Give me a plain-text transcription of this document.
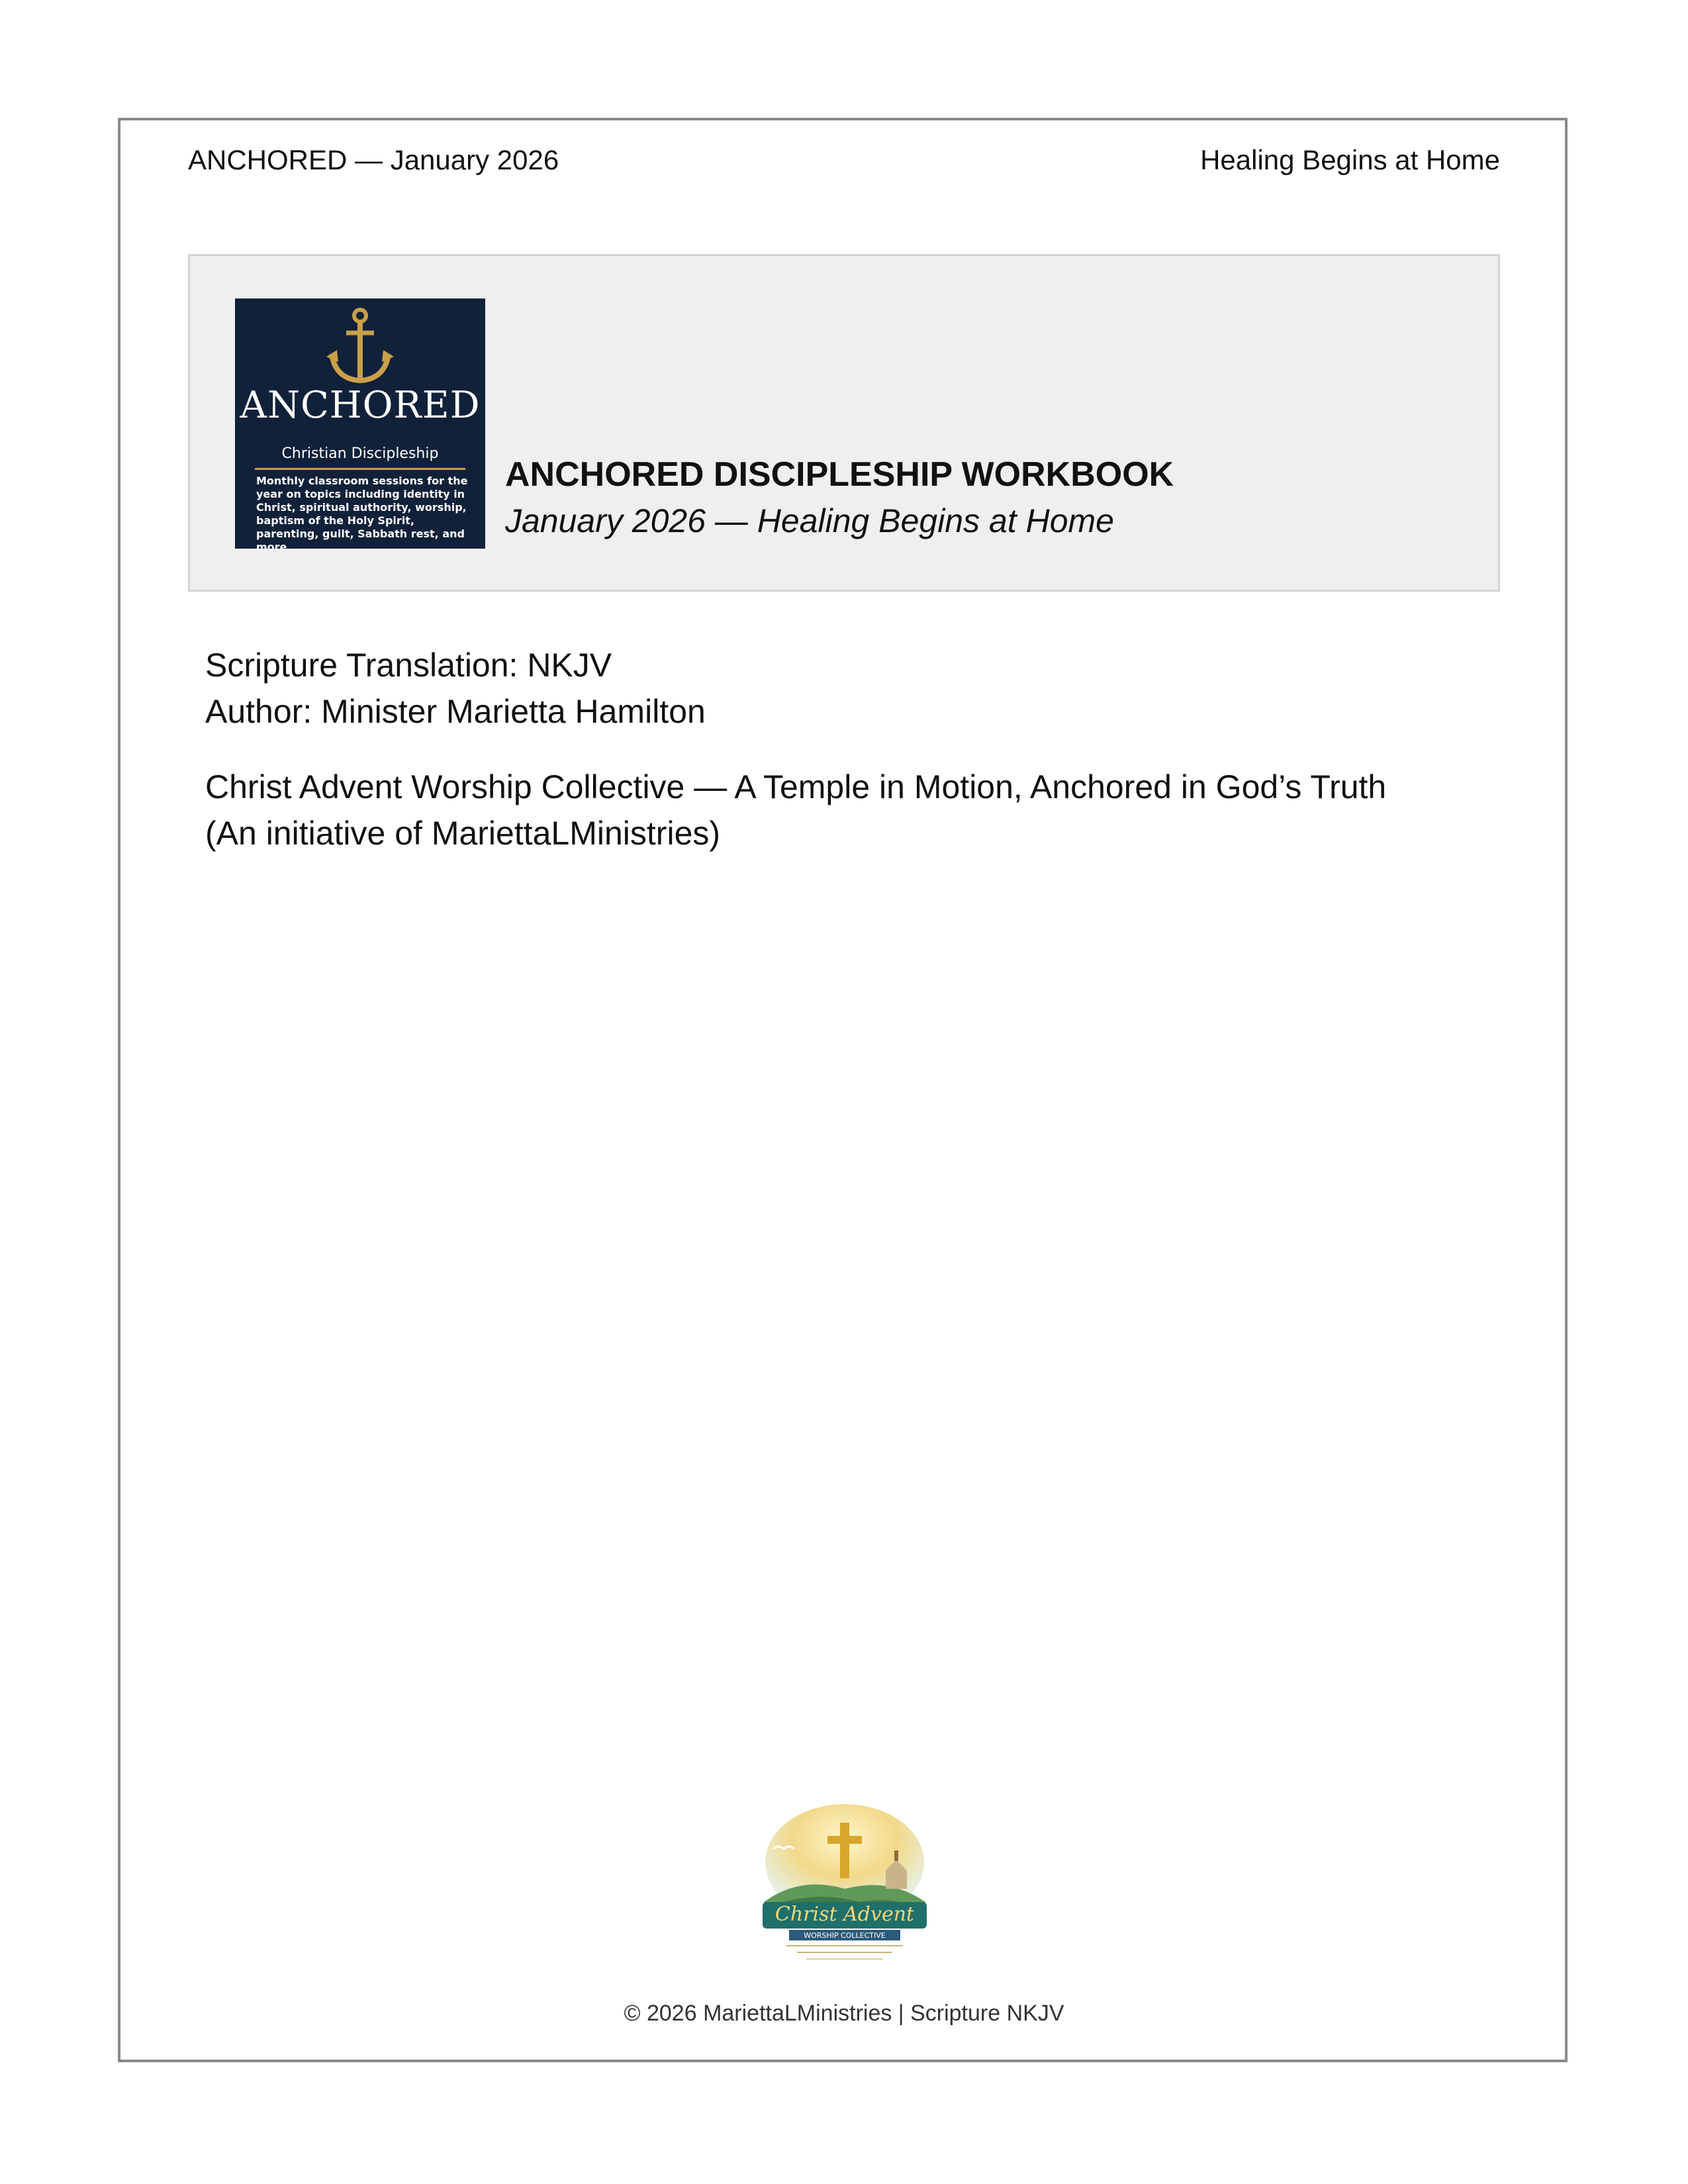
ANCHORED — January 2026	Healing Begins at Home
ANCHORED
Christian Discipleship
Monthly classroom sessions for the year on topics including identity in Christ, spiritual authority, worship, baptism of the Holy Spirit, parenting, guilt, Sabbath rest, and more
ANCHORED DISCIPLESHIP WORKBOOK
January 2026 — Healing Begins at Home
Scripture Translation: NKJV
Author: Minister Marietta Hamilton
Christ Advent Worship Collective — A Temple in Motion, Anchored in God’s Truth
(An initiative of MariettaLMinistries)
Christ Advent
WORSHIP COLLECTIVE
© 2026 MariettaLMinistries | Scripture NKJV
